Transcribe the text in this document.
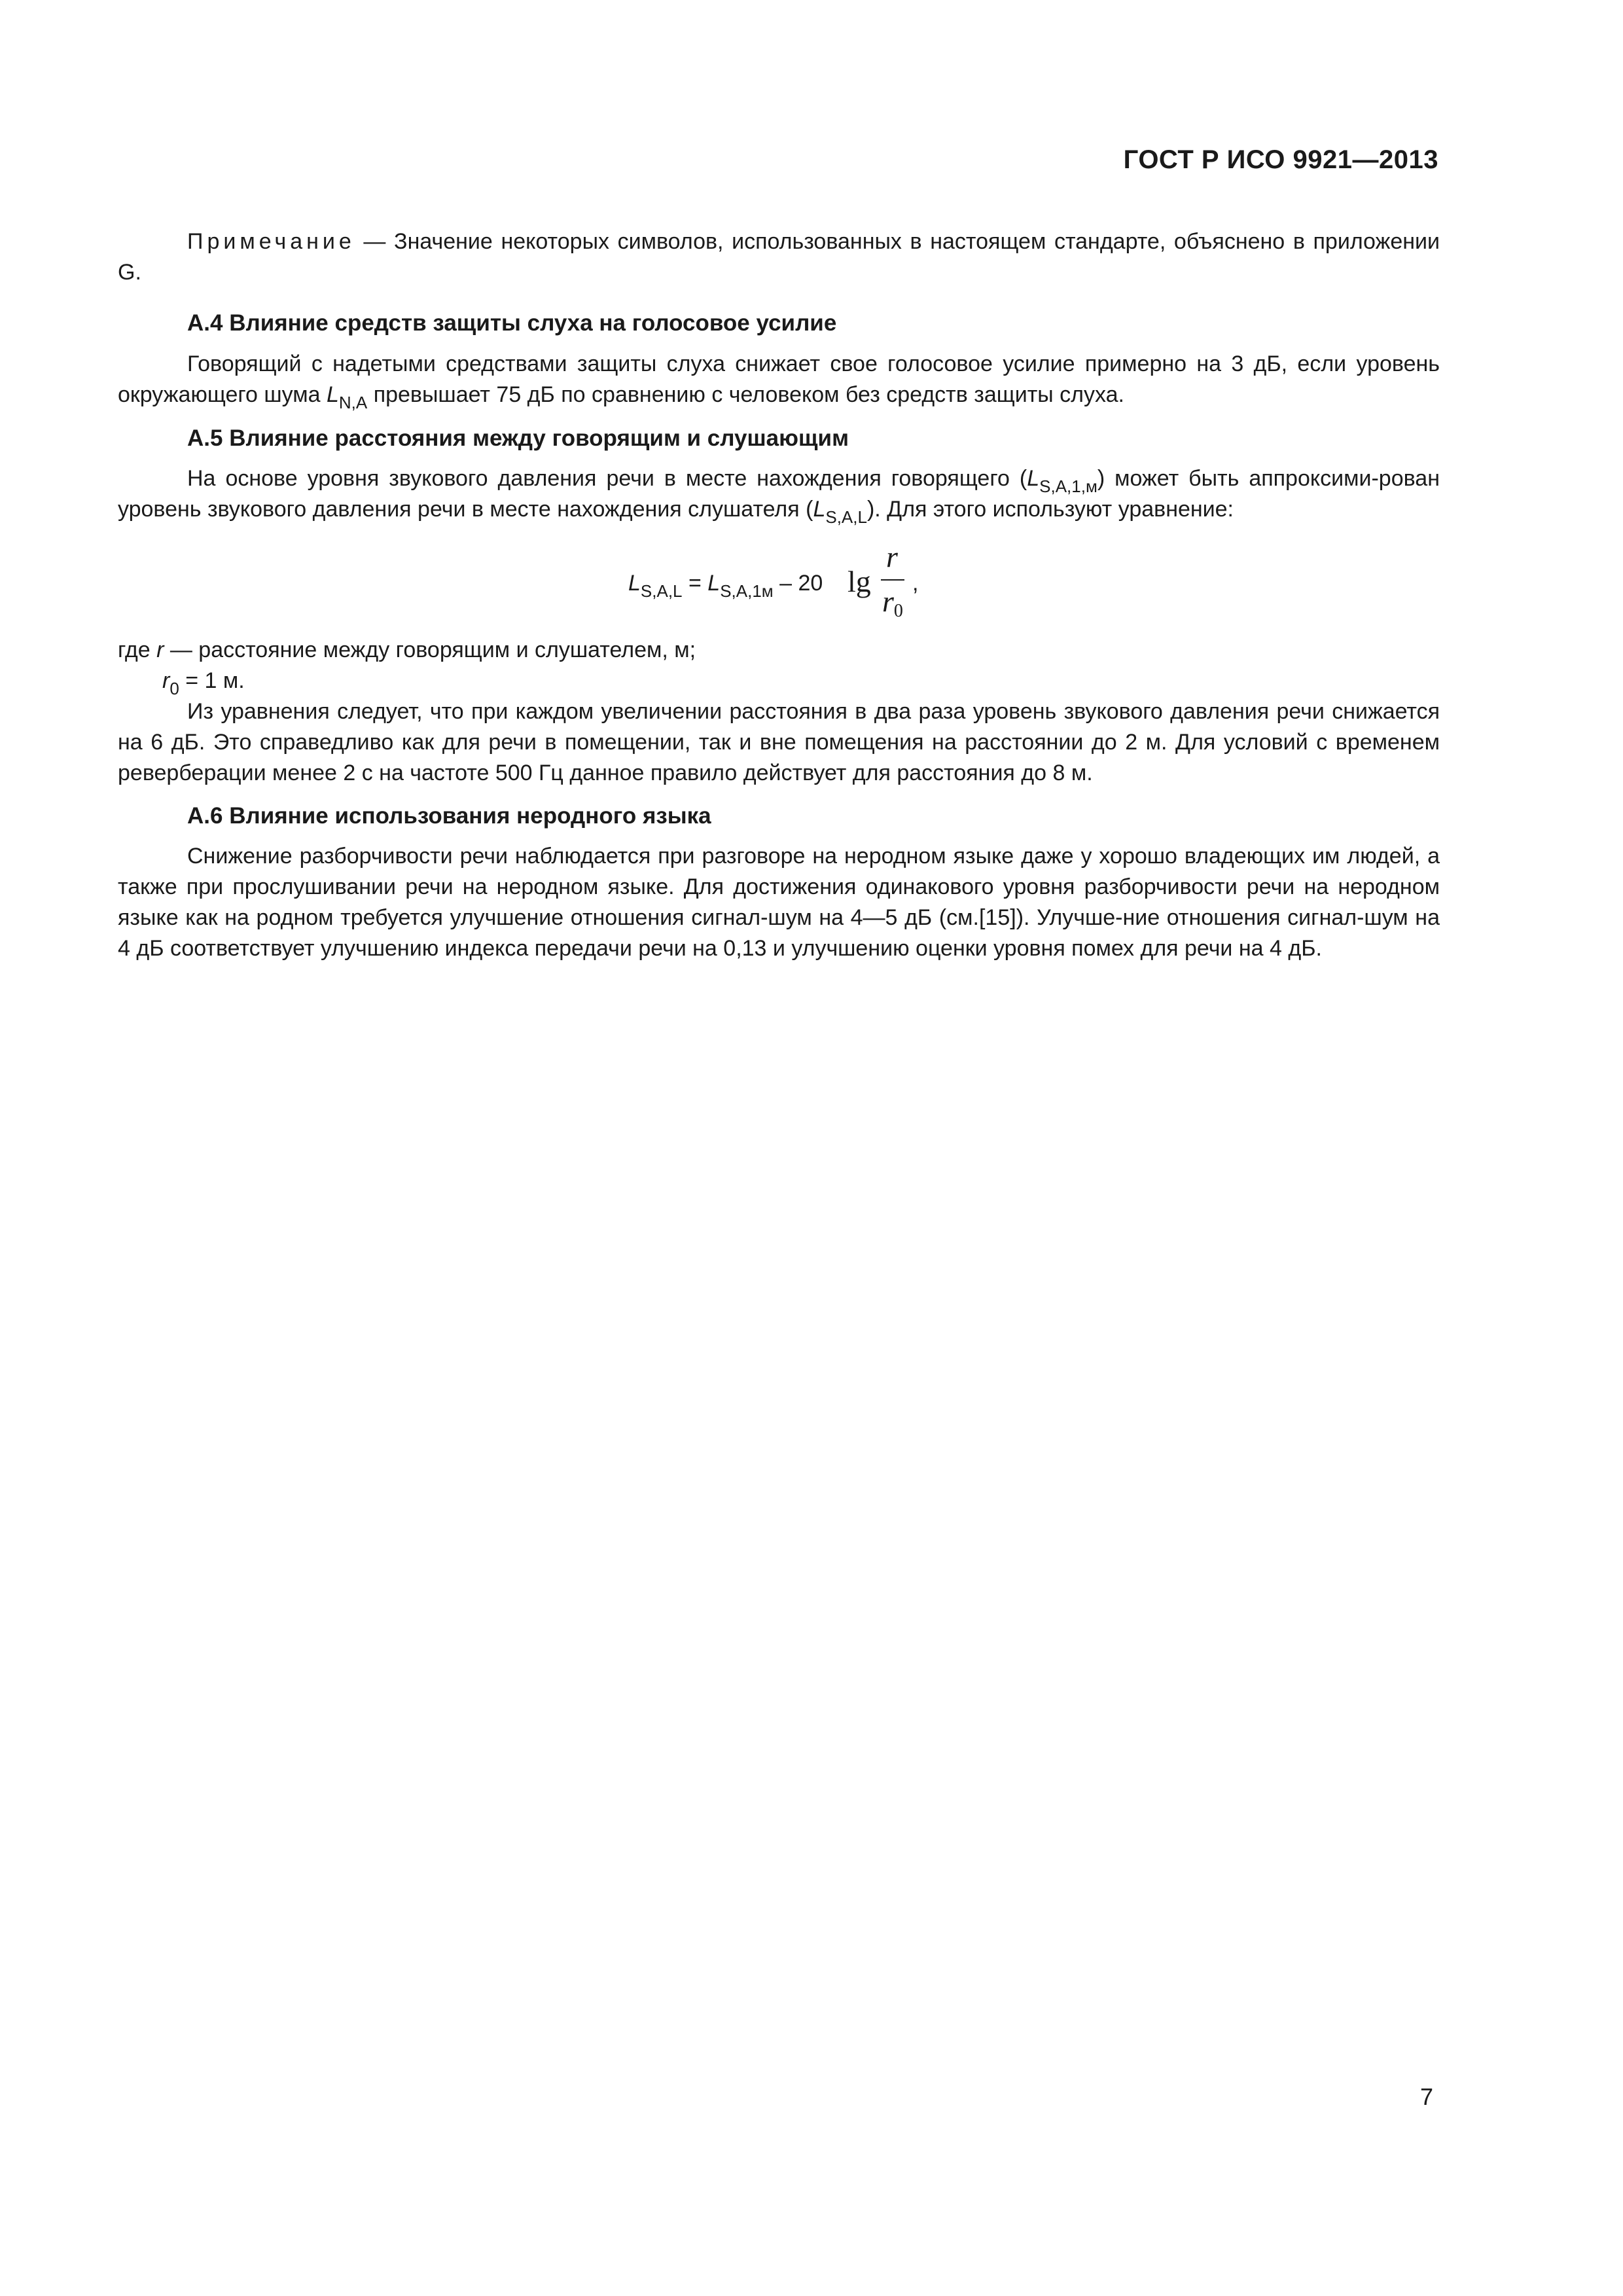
ГОСТ Р ИСО 9921—2013

Примечание — Значение некоторых символов, использованных в настоящем стандарте, объяснено в приложении G.

А.4 Влияние средств защиты слуха на голосовое усилие

Говорящий с надетыми средствами защиты слуха снижает свое голосовое усилие примерно на 3 дБ, если уровень окружающего шума $L_{N,A}$ превышает 75 дБ по сравнению с человеком без средств защиты слуха.

А.5 Влияние расстояния между говорящим и слушающим

На основе уровня звукового давления речи в месте нахождения говорящего $(L_{S,A,1,м})$ может быть аппроксими-рован уровень звукового давления речи в месте нахождения слушателя $(L_{S,A,L})$. Для этого используют уравнение:

$L_{S,A,L} = L_{S,A,1м} - 20$ lg
r
$r_0$
,

где r — расстояние между говорящим и слушателем, м;

$r_0 = 1$ м.

Из уравнения следует, что при каждом увеличении расстояния в два раза уровень звукового давления речи снижается на 6 дБ. Это справедливо как для речи в помещении, так и вне помещения на расстоянии до 2 м. Для условий с временем реверберации менее 2 с на частоте 500 Гц данное правило действует для расстояния до 8 м.

А.6 Влияние использования неродного языка

Снижение разборчивости речи наблюдается при разговоре на неродном языке даже у хорошо владеющих им людей, а также при прослушивании речи на неродном языке. Для достижения одинакового уровня разборчивости речи на неродном языке как на родном требуется улучшение отношения сигнал-шум на 4—5 дБ (см.[15]). Улучше-ние отношения сигнал-шум на 4 дБ соответствует улучшению индекса передачи речи на 0,13 и улучшению оценки уровня помех для речи на 4 дБ.

7
